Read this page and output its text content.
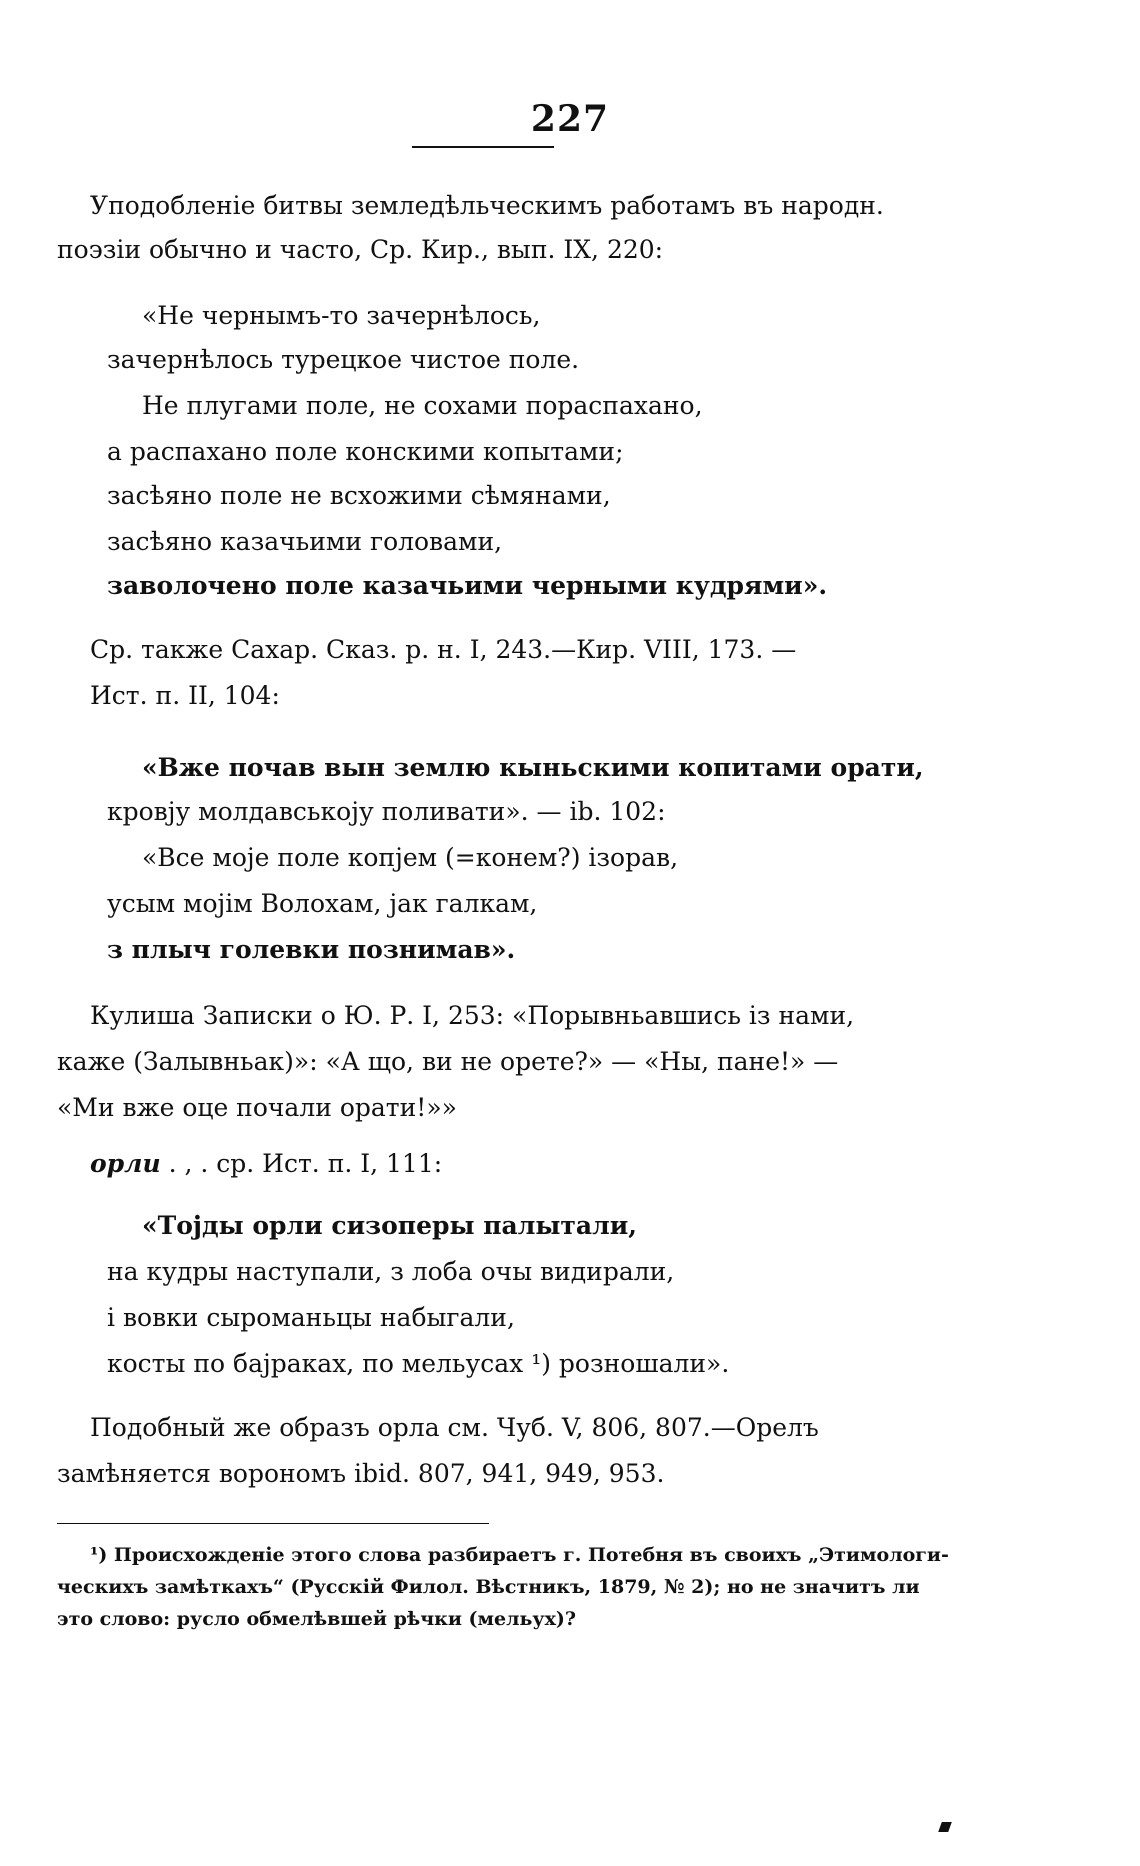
227
Уподобленіе битвы земледѣльческимъ работамъ въ народн.
поэзіи обычно и часто, Ср. Кир., вып. IX, 220:
«Не чернымъ-то зачернѣлось,
зачернѣлось турецкое чистое поле.
Не плугами поле, не сохами пораспахано,
а распахано поле конскими копытами;
засѣяно поле не всхожими сѣмянами,
засѣяно казачьими головами,
заволочено поле казачьими черными кудрями».
Ср. также Сахар. Сказ. р. н. I, 243.—Кир. VIII, 173. —
Ист. п. II, 104:
«Вже почав вын землю кыньскими копитами орати,
кровју молдавськоју поливати». — ib. 102:
«Все моје поле копјем (=конем?) ізорав,
усым мојім Волохам, јак галкам,
з плыч голевки познимав».
Кулиша Записки о Ю. Р. I, 253: «Порывньавшись із нами,
каже (Залывньак)»: «А що, ви не орете?» — «Ны, пане!» —
«Ми вже оце почали орати!»»
орли . , . ср. Ист. п. I, 111:
«Тојды орли сизоперы палытали,
на кудры наступали, з лоба очы видирали,
і вовки сыроманьцы набыгали,
косты по бајраках, по мельусах ¹) розношали».
Подобный же образъ орла см. Чуб. V, 806, 807.—Орелъ
замѣняется ворономъ ibid. 807, 941, 949, 953.
¹) Происхожденіе этого слова разбираетъ г. Потебня въ своихъ „Этимологи-
ческихъ замѣткахъ“ (Русскій Филол. Вѣстникъ, 1879, № 2); но не значитъ ли
это слово: русло обмелѣвшей рѣчки (мельух)?
